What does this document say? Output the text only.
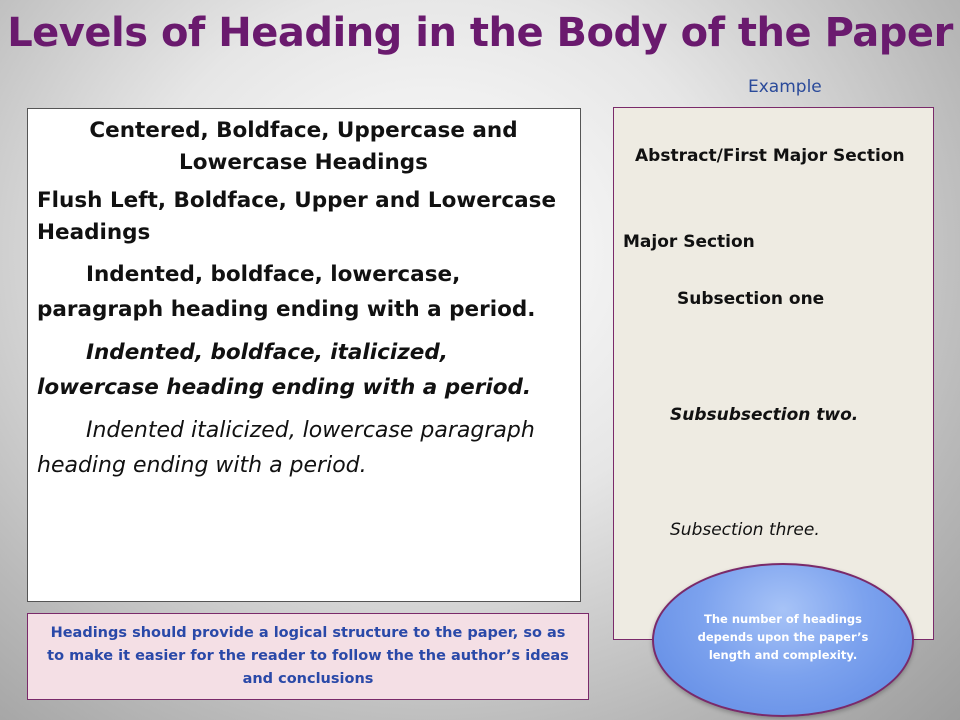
Levels of Heading in the Body of the Paper
Example
Centered, Boldface, Uppercase and Lowercase Headings
Flush Left, Boldface, Upper and Lowercase Headings
Indented, boldface, lowercase, paragraph heading ending with a period.
Indented, boldface, italicized, lowercase heading ending with a period.
Indented italicized, lowercase paragraph heading ending with a period.
Abstract/First Major Section
Major Section
Subsection one
Subsubsection two.
Subsection three.
Headings should provide a logical structure to the paper, so as to make it easier for the reader to follow the the author’s ideas and conclusions
The number of headings depends upon the paper’s length and complexity.
